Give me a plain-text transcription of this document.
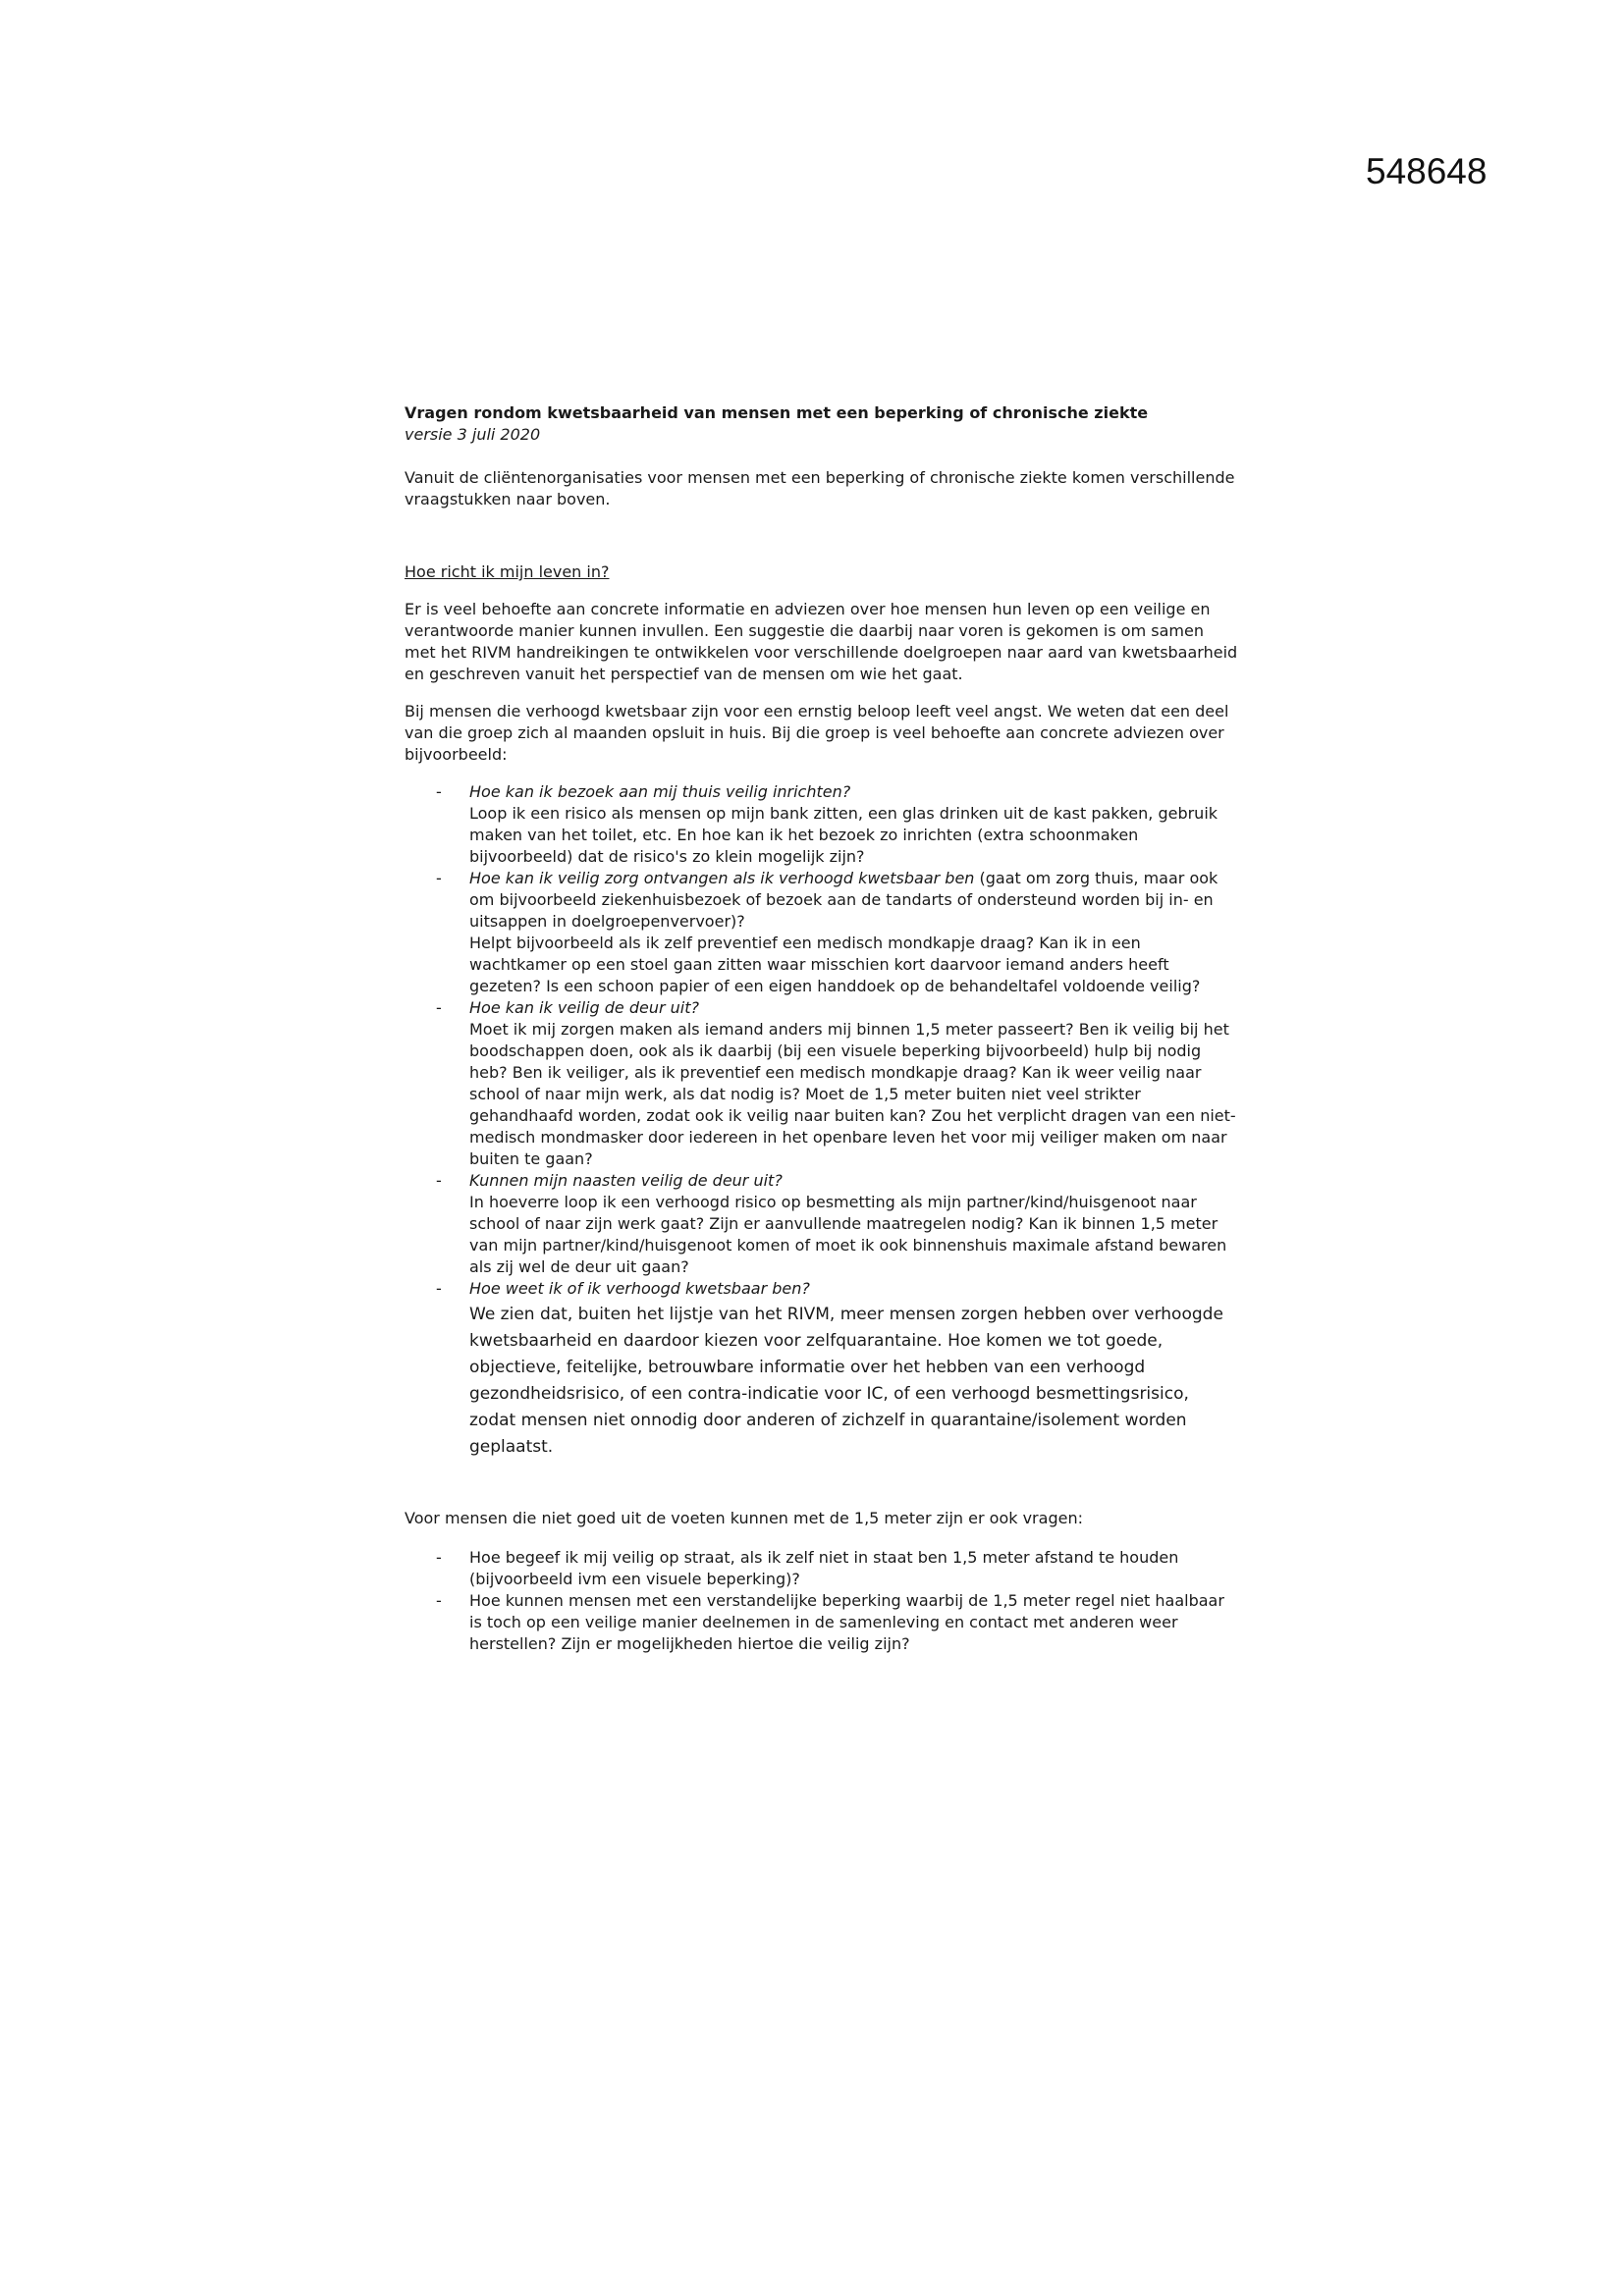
548648

Vragen rondom kwetsbaarheid van mensen met een beperking of chronische ziekte

versie 3 juli 2020

Vanuit de cliëntenorganisaties voor mensen met een beperking of chronische ziekte komen verschillende vraagstukken naar boven.

Hoe richt ik mijn leven in?

Er is veel behoefte aan concrete informatie en adviezen over hoe mensen hun leven op een veilige en verantwoorde manier kunnen invullen. Een suggestie die daarbij naar voren is gekomen is om samen met het RIVM handreikingen te ontwikkelen voor verschillende doelgroepen naar aard van kwetsbaarheid en geschreven vanuit het perspectief van de mensen om wie het gaat.

Bij mensen die verhoogd kwetsbaar zijn voor een ernstig beloop leeft veel angst. We weten dat een deel van die groep zich al maanden opsluit in huis. Bij die groep is veel behoefte aan concrete adviezen over bijvoorbeeld:

- Hoe kan ik bezoek aan mij thuis veilig inrichten?
Loop ik een risico als mensen op mijn bank zitten, een glas drinken uit de kast pakken, gebruik maken van het toilet, etc. En hoe kan ik het bezoek zo inrichten (extra schoonmaken bijvoorbeeld) dat de risico's zo klein mogelijk zijn?
- Hoe kan ik veilig zorg ontvangen als ik verhoogd kwetsbaar ben (gaat om zorg thuis, maar ook om bijvoorbeeld ziekenhuisbezoek of bezoek aan de tandarts of ondersteund worden bij in- en uitsappen in doelgroepenvervoer)?
Helpt bijvoorbeeld als ik zelf preventief een medisch mondkapje draag? Kan ik in een wachtkamer op een stoel gaan zitten waar misschien kort daarvoor iemand anders heeft gezeten? Is een schoon papier of een eigen handdoek op de behandeltafel voldoende veilig?
- Hoe kan ik veilig de deur uit?
Moet ik mij zorgen maken als iemand anders mij binnen 1,5 meter passeert? Ben ik veilig bij het boodschappen doen, ook als ik daarbij (bij een visuele beperking bijvoorbeeld) hulp bij nodig heb? Ben ik veiliger, als ik preventief een medisch mondkapje draag? Kan ik weer veilig naar school of naar mijn werk, als dat nodig is? Moet de 1,5 meter buiten niet veel strikter gehandhaafd worden, zodat ook ik veilig naar buiten kan? Zou het verplicht dragen van een niet-medisch mondmasker door iedereen in het openbare leven het voor mij veiliger maken om naar buiten te gaan?
- Kunnen mijn naasten veilig de deur uit?
In hoeverre loop ik een verhoogd risico op besmetting als mijn partner/kind/huisgenoot naar school of naar zijn werk gaat? Zijn er aanvullende maatregelen nodig? Kan ik binnen 1,5 meter van mijn partner/kind/huisgenoot komen of moet ik ook binnenshuis maximale afstand bewaren als zij wel de deur uit gaan?
- Hoe weet ik of ik verhoogd kwetsbaar ben?
We zien dat, buiten het lijstje van het RIVM, meer mensen zorgen hebben over verhoogde kwetsbaarheid en daardoor kiezen voor zelfquarantaine. Hoe komen we tot goede, objectieve, feitelijke, betrouwbare informatie over het hebben van een verhoogd gezondheidsrisico, of een contra-indicatie voor IC, of een verhoogd besmettingsrisico, zodat mensen niet onnodig door anderen of zichzelf in quarantaine/isolement worden geplaatst.

Voor mensen die niet goed uit de voeten kunnen met de 1,5 meter zijn er ook vragen:

- Hoe begeef ik mij veilig op straat, als ik zelf niet in staat ben 1,5 meter afstand te houden (bijvoorbeeld ivm een visuele beperking)?
- Hoe kunnen mensen met een verstandelijke beperking waarbij de 1,5 meter regel niet haalbaar is toch op een veilige manier deelnemen in de samenleving en contact met anderen weer herstellen? Zijn er mogelijkheden hiertoe die veilig zijn?
